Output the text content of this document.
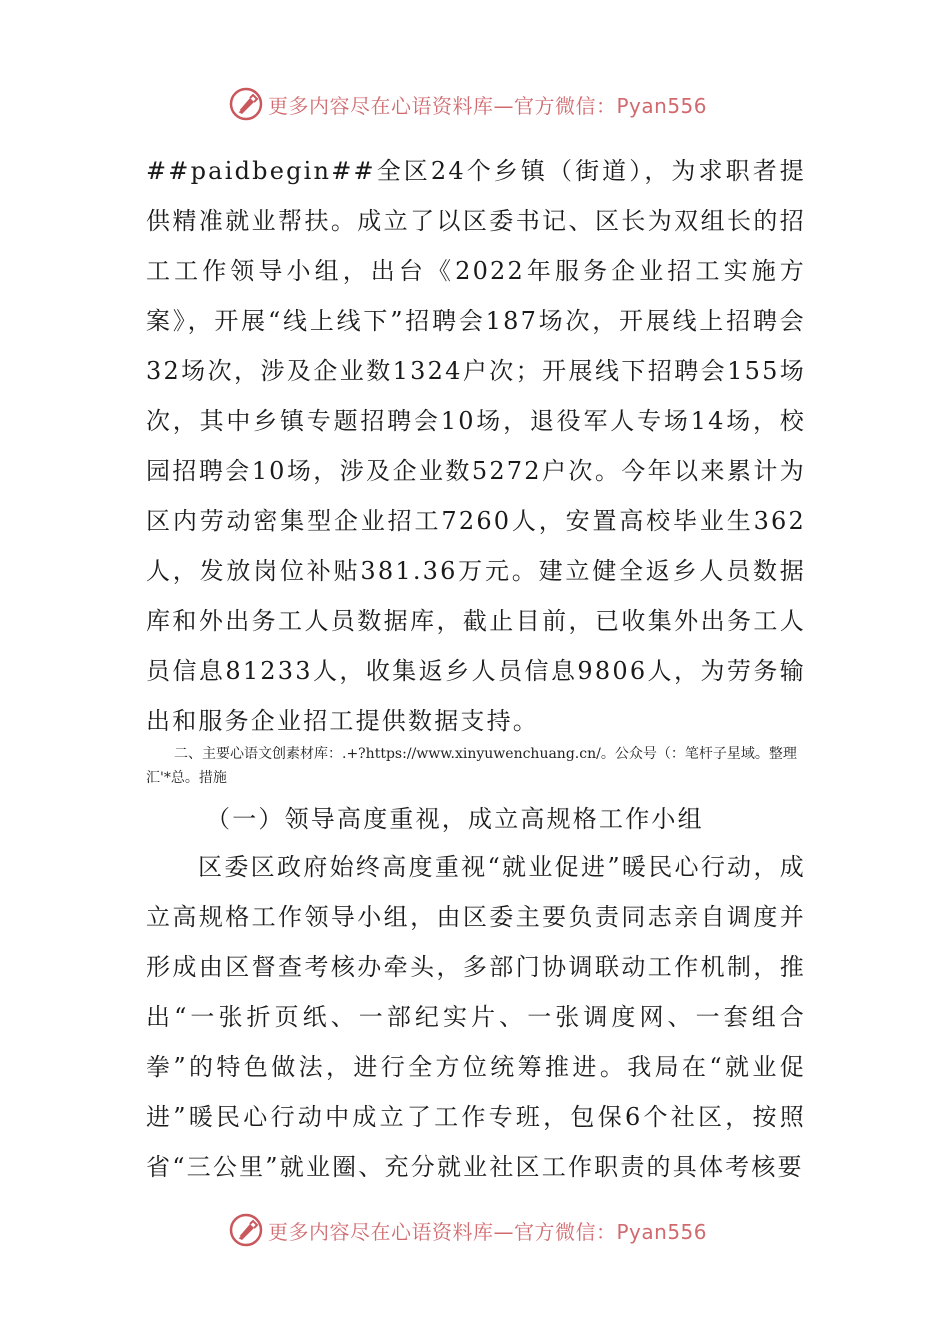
更多内容尽在心语资料库—官方微信：Pyan556
##paidbegin##全区24个乡镇（街道），为求职者提供精准就业帮扶。成立了以区委书记、区长为双组长的招工工作领导小组，出台《2022年服务企业招工实施方案》，开展“线上线下”招聘会187场次，开展线上招聘会32场次，涉及企业数1324户次；开展线下招聘会155场次，其中乡镇专题招聘会10场，退役军人专场14场，校园招聘会10场，涉及企业数5272户次。今年以来累计为区内劳动密集型企业招工7260人，安置高校毕业生362人，发放岗位补贴381.36万元。建立健全返乡人员数据库和外出务工人员数据库，截止目前，已收集外出务工人员信息81233人，收集返乡人员信息9806人，为劳务输出和服务企业招工提供数据支持。
二、主要心语文创素材库：.+?https://www.xinyuwenchuang.cn/。公众号（：笔杆子星域。整理汇'*总。措施
（一）领导高度重视，成立高规格工作小组
区委区政府始终高度重视“就业促进”暖民心行动，成立高规格工作领导小组，由区委主要负责同志亲自调度并形成由区督查考核办牵头，多部门协调联动工作机制，推出“一张折页纸、一部纪实片、一张调度网、一套组合拳”的特色做法，进行全方位统筹推进。我局在“就业促进”暖民心行动中成立了工作专班，包保6个社区，按照省“三公里”就业圈、充分就业社区工作职责的具体考核要
更多内容尽在心语资料库—官方微信：Pyan556
